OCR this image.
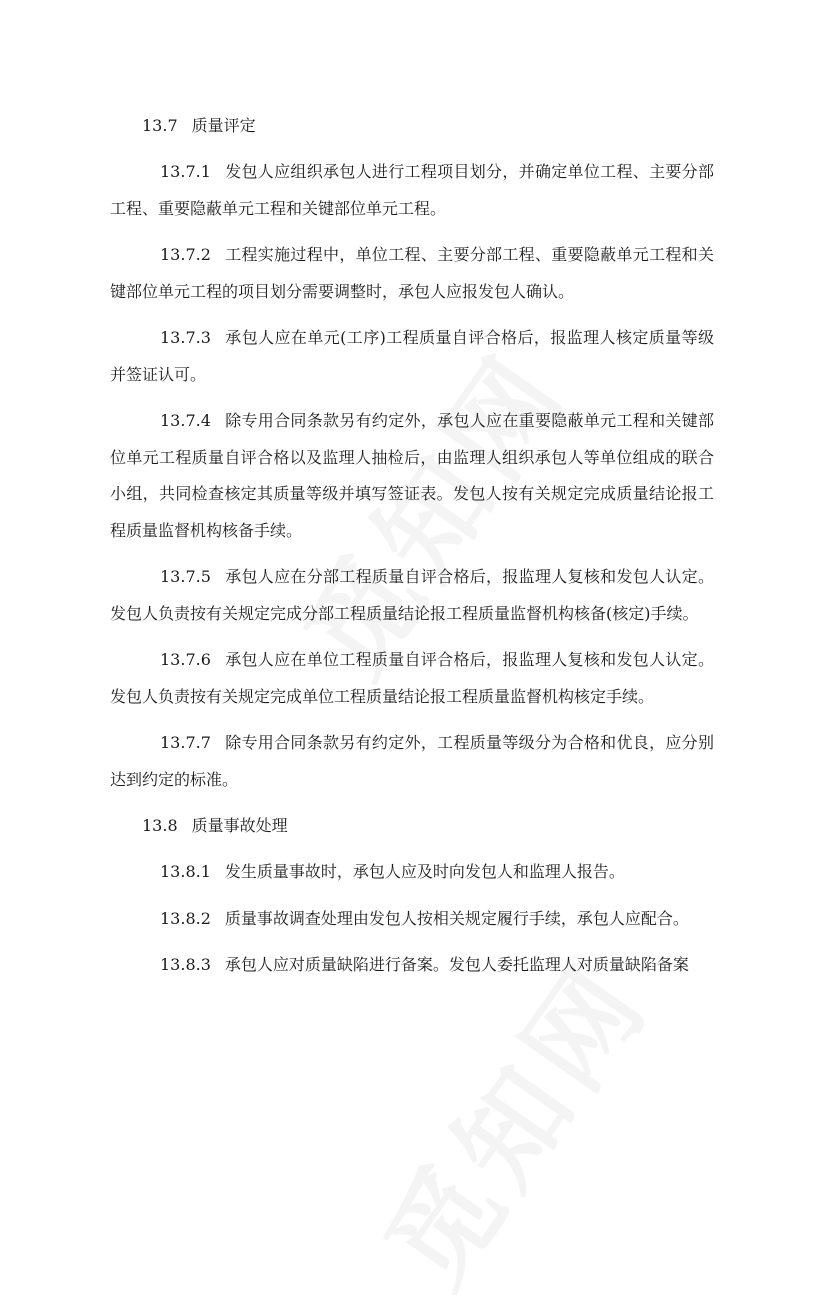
13.7 质量评定

13.7.1 发包人应组织承包人进行工程项目划分，并确定单位工程、主要分部工程、重要隐蔽单元工程和关键部位单元工程。

13.7.2 工程实施过程中，单位工程、主要分部工程、重要隐蔽单元工程和关键部位单元工程的项目划分需要调整时，承包人应报发包人确认。

13.7.3 承包人应在单元(工序)工程质量自评合格后，报监理人核定质量等级并签证认可。

13.7.4 除专用合同条款另有约定外，承包人应在重要隐蔽单元工程和关键部位单元工程质量自评合格以及监理人抽检后，由监理人组织承包人等单位组成的联合小组，共同检查核定其质量等级并填写签证表。发包人按有关规定完成质量结论报工程质量监督机构核备手续。

13.7.5 承包人应在分部工程质量自评合格后，报监理人复核和发包人认定。发包人负责按有关规定完成分部工程质量结论报工程质量监督机构核备(核定)手续。

13.7.6 承包人应在单位工程质量自评合格后，报监理人复核和发包人认定。发包人负责按有关规定完成单位工程质量结论报工程质量监督机构核定手续。

13.7.7 除专用合同条款另有约定外，工程质量等级分为合格和优良，应分别达到约定的标准。

13.8 质量事故处理

13.8.1 发生质量事故时，承包人应及时向发包人和监理人报告。

13.8.2 质量事故调查处理由发包人按相关规定履行手续，承包人应配合。

13.8.3 承包人应对质量缺陷进行备案。发包人委托监理人对质量缺陷备案
